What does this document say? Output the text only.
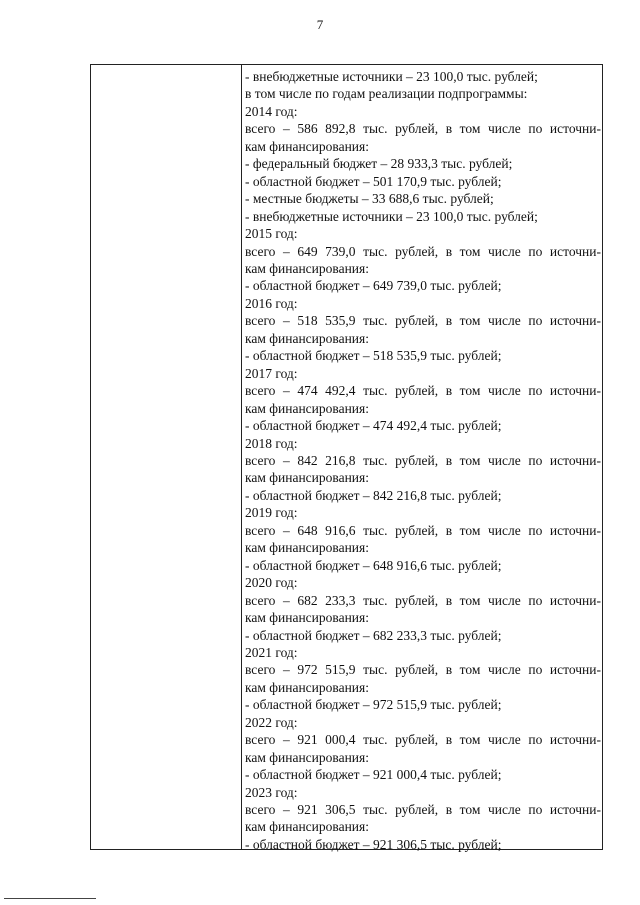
7
- внебюджетные источники – 23 100,0 тыс. рублей;
в том числе по годам реализации подпрограммы:
2014 год:
всего – 586 892,8 тыс. рублей, в том числе по источни-
кам финансирования:
- федеральный бюджет – 28 933,3 тыс. рублей;
- областной бюджет – 501 170,9 тыс. рублей;
- местные бюджеты – 33 688,6 тыс. рублей;
- внебюджетные источники – 23 100,0 тыс. рублей;
2015 год:
всего – 649 739,0 тыс. рублей, в том числе по источни-
кам финансирования:
- областной бюджет – 649 739,0 тыс. рублей;
2016 год:
всего – 518 535,9 тыс. рублей, в том числе по источни-
кам финансирования:
- областной бюджет – 518 535,9 тыс. рублей;
2017 год:
всего – 474 492,4 тыс. рублей, в том числе по источни-
кам финансирования:
- областной бюджет – 474 492,4 тыс. рублей;
2018 год:
всего – 842 216,8 тыс. рублей, в том числе по источни-
кам финансирования:
- областной бюджет – 842 216,8 тыс. рублей;
2019 год:
всего – 648 916,6 тыс. рублей, в том числе по источни-
кам финансирования:
- областной бюджет – 648 916,6 тыс. рублей;
2020 год:
всего – 682 233,3 тыс. рублей, в том числе по источни-
кам финансирования:
- областной бюджет – 682 233,3 тыс. рублей;
2021 год:
всего – 972 515,9 тыс. рублей, в том числе по источни-
кам финансирования:
- областной бюджет – 972 515,9 тыс. рублей;
2022 год:
всего – 921 000,4 тыс. рублей, в том числе по источни-
кам финансирования:
- областной бюджет – 921 000,4 тыс. рублей;
2023 год:
всего – 921 306,5 тыс. рублей, в том числе по источни-
кам финансирования:
- областной бюджет – 921 306,5 тыс. рублей;
